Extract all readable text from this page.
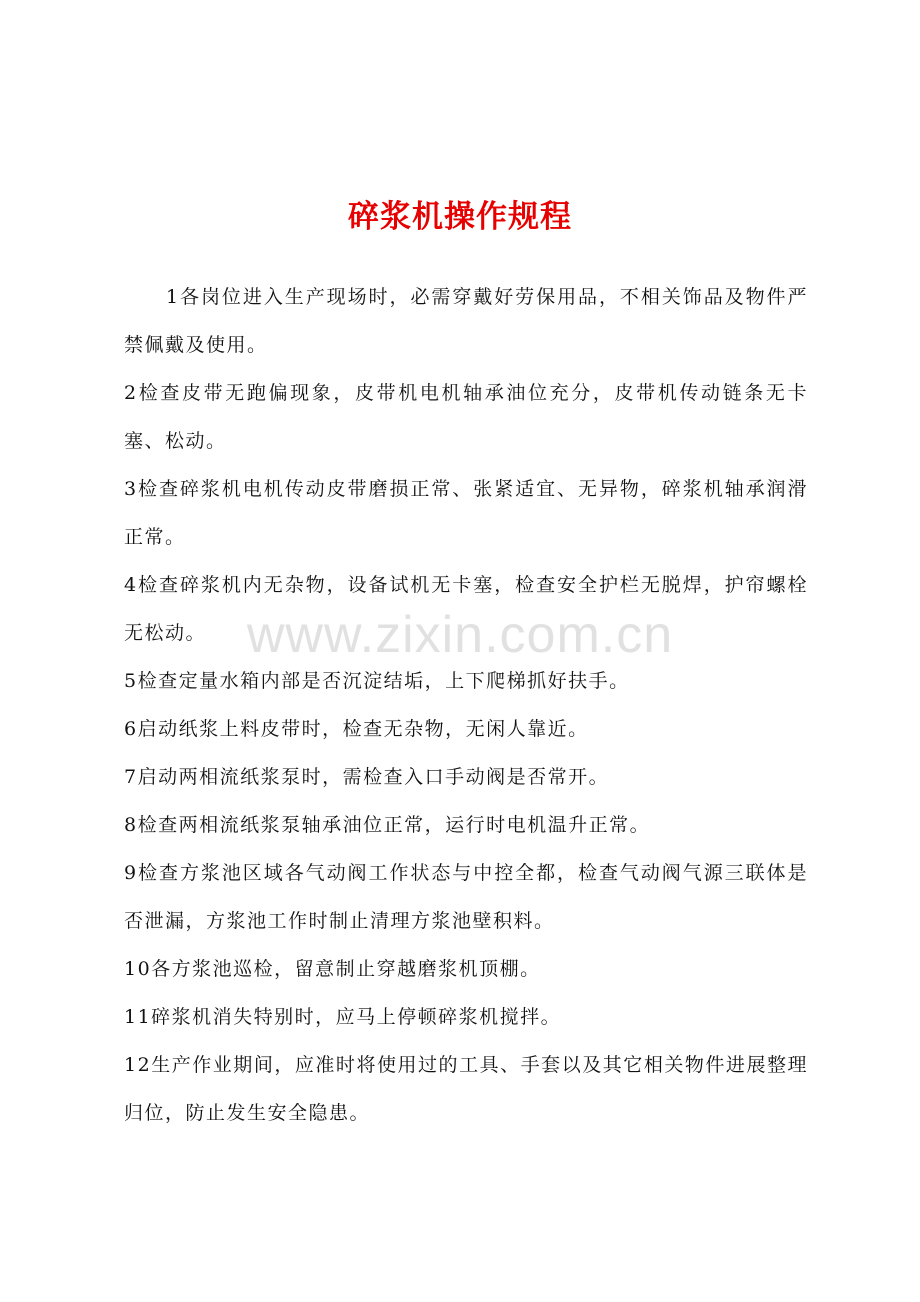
碎浆机操作规程

1各岗位进入生产现场时，必需穿戴好劳保用品，不相关饰品及物件严禁佩戴及使用。

2检查皮带无跑偏现象，皮带机电机轴承油位充分，皮带机传动链条无卡塞、松动。

3检查碎浆机电机传动皮带磨损正常、张紧适宜、无异物，碎浆机轴承润滑正常。

4检查碎浆机内无杂物，设备试机无卡塞，检查安全护栏无脱焊，护帘螺栓无松动。

5检查定量水箱内部是否沉淀结垢，上下爬梯抓好扶手。

6启动纸浆上料皮带时，检查无杂物，无闲人靠近。

7启动两相流纸浆泵时，需检查入口手动阀是否常开。

8检查两相流纸浆泵轴承油位正常，运行时电机温升正常。

9检查方浆池区域各气动阀工作状态与中控全都，检查气动阀气源三联体是否泄漏，方浆池工作时制止清理方浆池壁积料。

10各方浆池巡检，留意制止穿越磨浆机顶棚。

11碎浆机消失特别时，应马上停顿碎浆机搅拌。

12生产作业期间，应准时将使用过的工具、手套以及其它相关物件进展整理归位，防止发生安全隐患。

www.zixin.com.cn
